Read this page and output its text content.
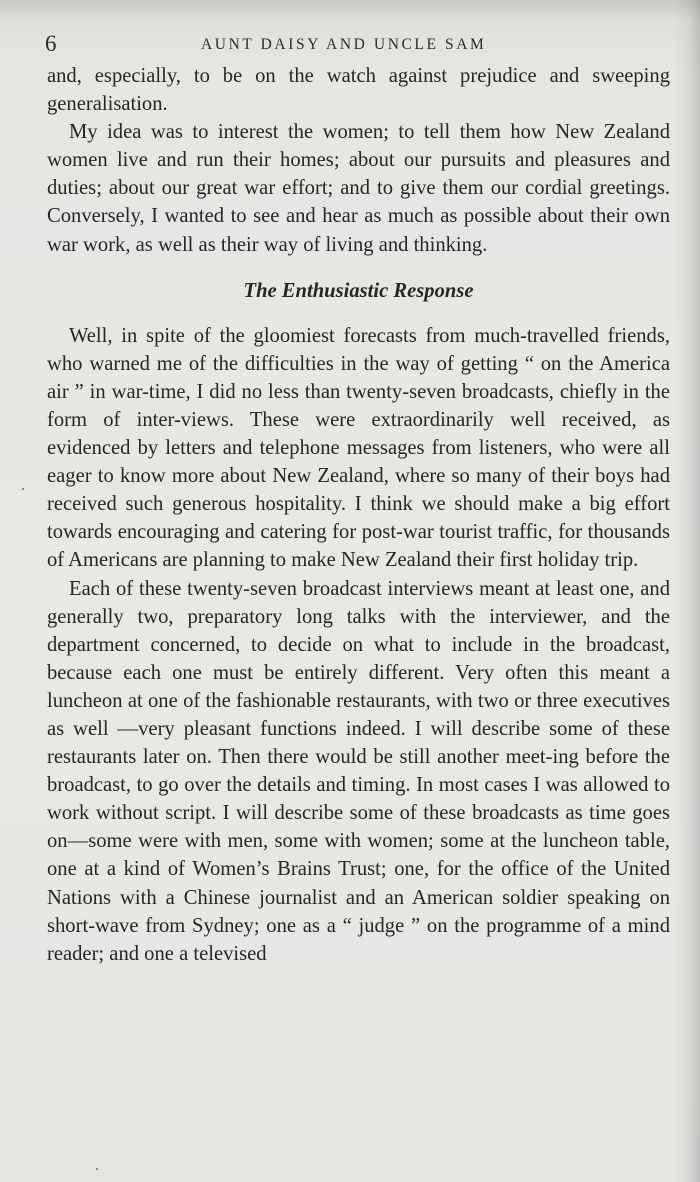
6	AUNT DAISY AND UNCLE SAM

and, especially, to be on the watch against prejudice and sweeping generalisation.

My idea was to interest the women; to tell them how New Zealand women live and run their homes; about our pursuits and pleasures and duties; about our great war effort; and to give them our cordial greetings. Conversely, I wanted to see and hear as much as possible about their own war work, as well as their way of living and thinking.

The Enthusiastic Response

Well, in spite of the gloomiest forecasts from much-travelled friends, who warned me of the difficulties in the way of getting “ on the America air ” in war-time, I did no less than twenty-seven broadcasts, chiefly in the form of inter-views. These were extraordinarily well received, as evidenced by letters and telephone messages from listeners, who were all eager to know more about New Zealand, where so many of their boys had received such generous hospitality. I think we should make a big effort towards encouraging and catering for post-war tourist traffic, for thousands of Americans are planning to make New Zealand their first holiday trip.

Each of these twenty-seven broadcast interviews meant at least one, and generally two, preparatory long talks with the interviewer, and the department concerned, to decide on what to include in the broadcast, because each one must be entirely different. Very often this meant a luncheon at one of the fashionable restaurants, with two or three executives as well —very pleasant functions indeed. I will describe some of these restaurants later on. Then there would be still another meet-ing before the broadcast, to go over the details and timing. In most cases I was allowed to work without script. I will describe some of these broadcasts as time goes on—some were with men, some with women; some at the luncheon table, one at a kind of Women’s Brains Trust; one, for the office of the United Nations with a Chinese journalist and an American soldier speaking on short-wave from Sydney; one as a “ judge ” on the programme of a mind reader; and one a televised
